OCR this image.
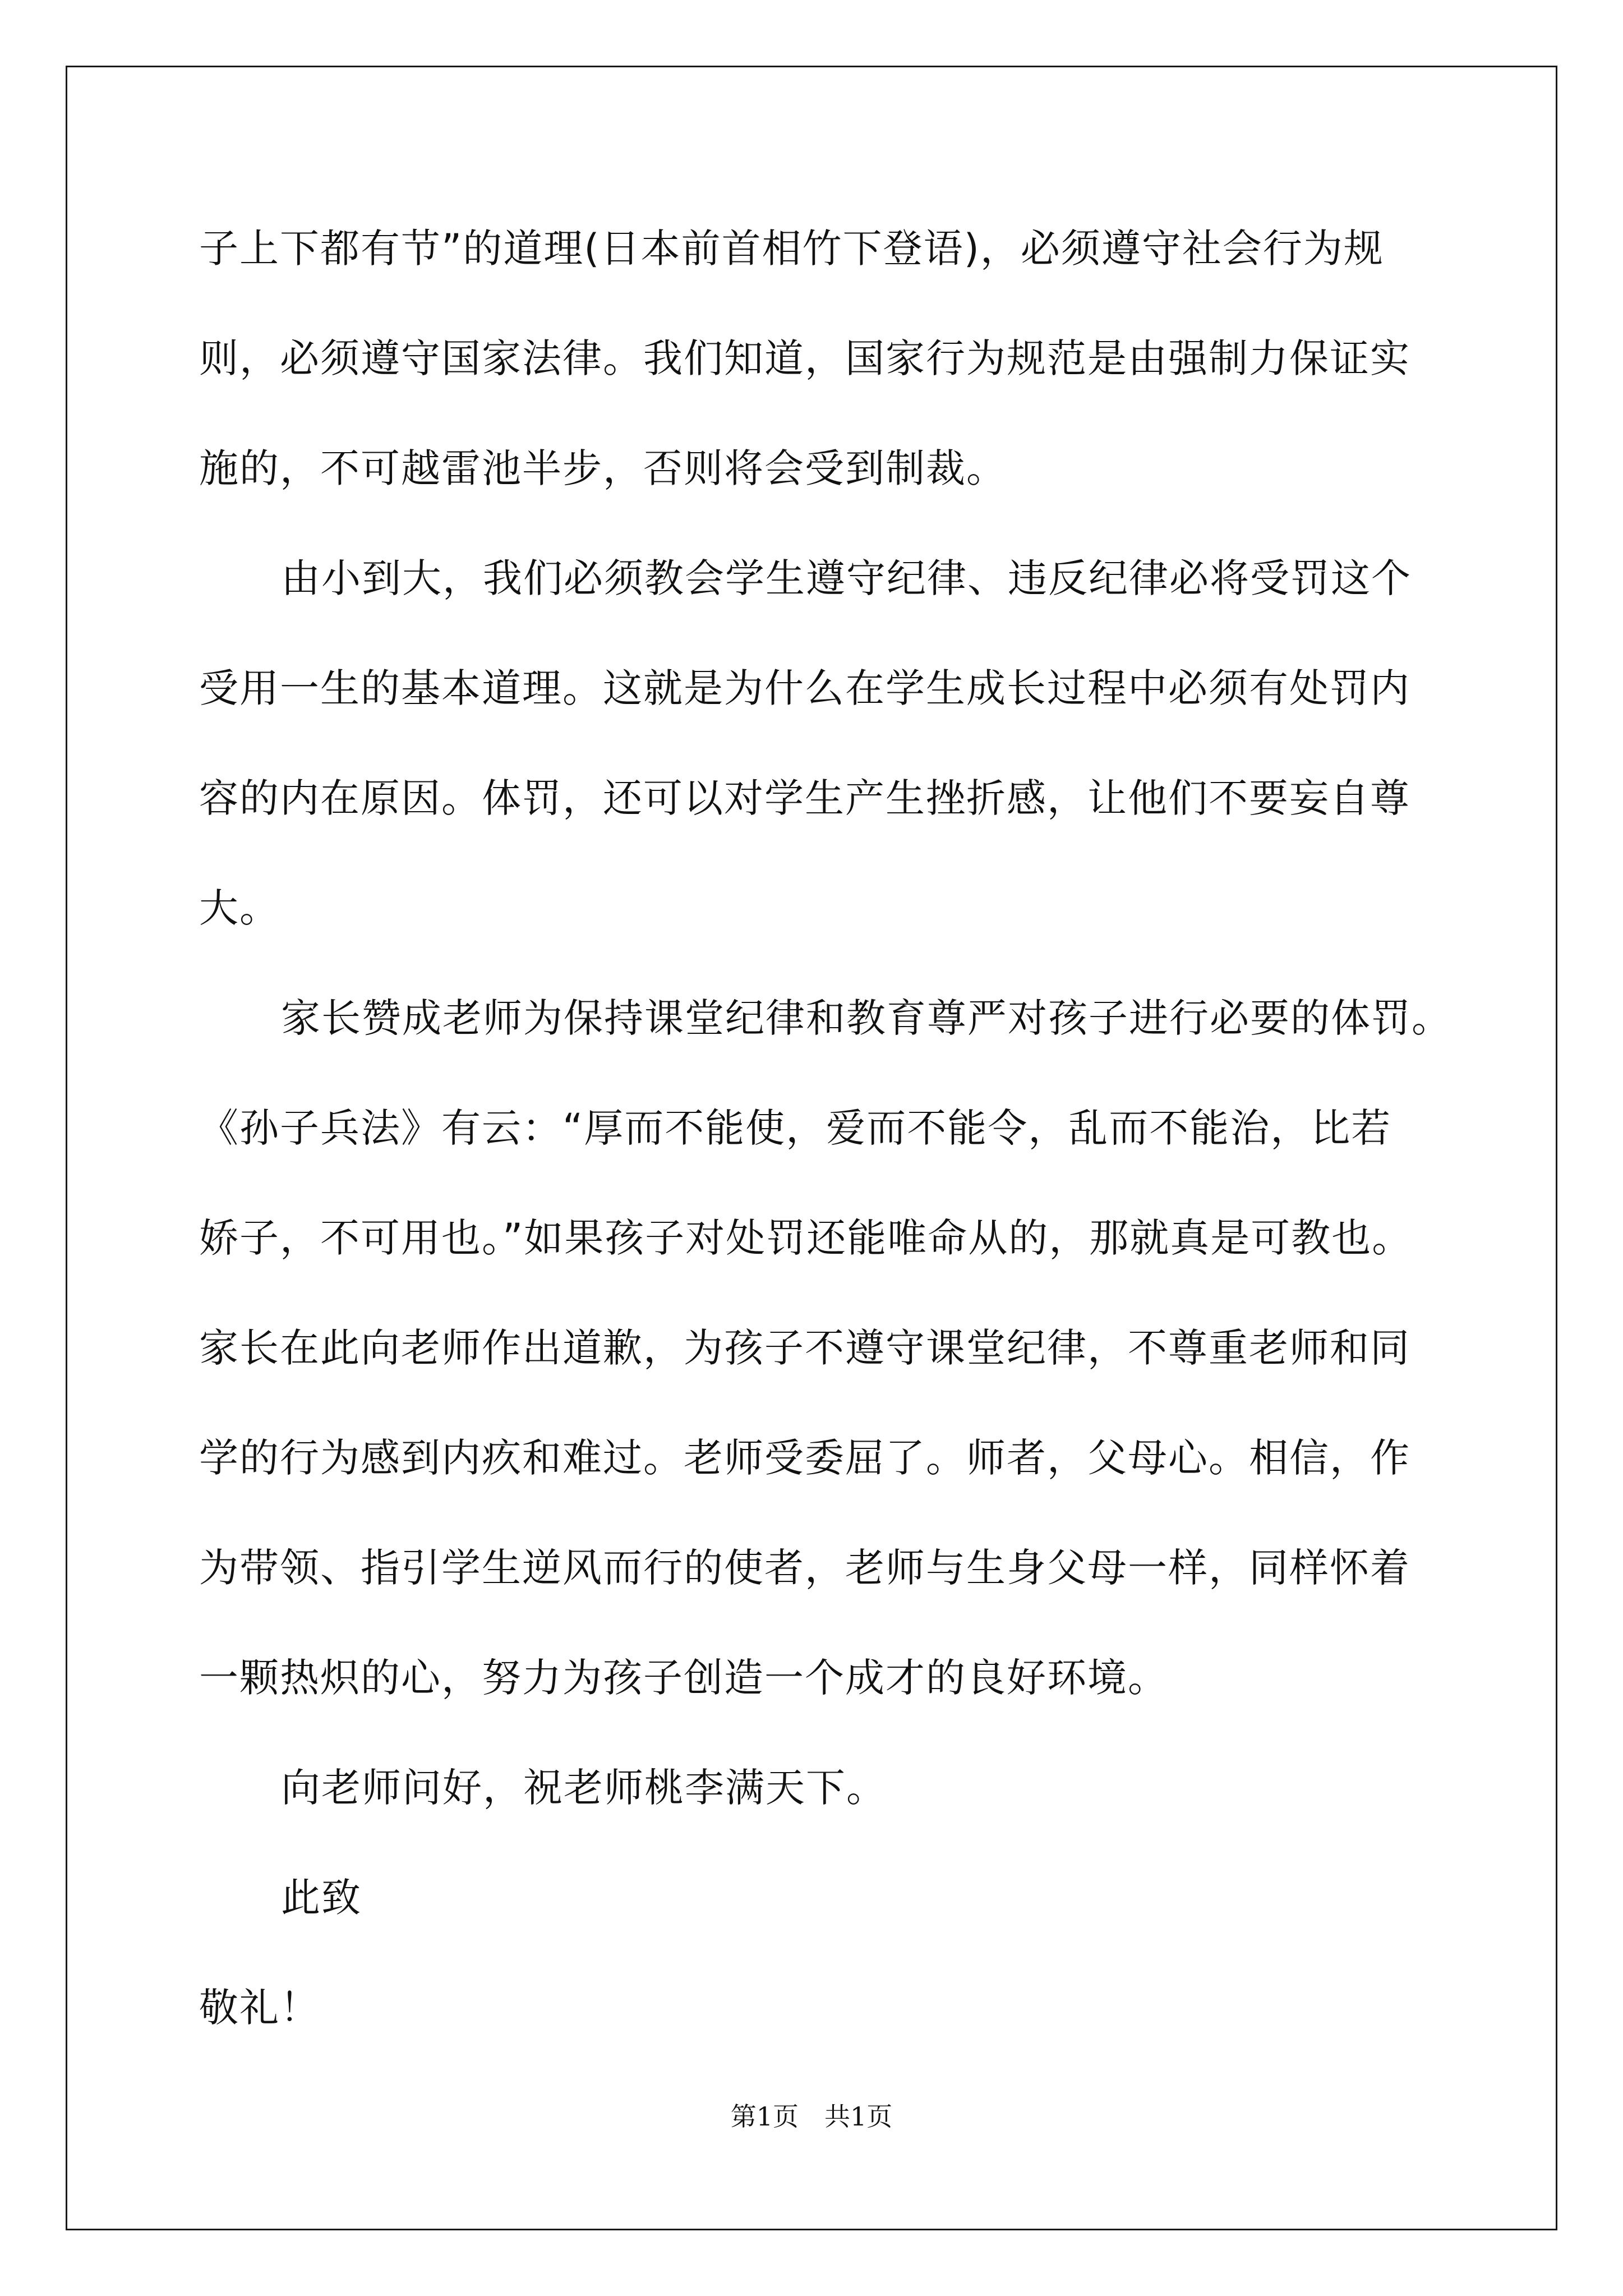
子上下都有节”的道理(日本前首相竹下登语)，必须遵守社会行为规
则，必须遵守国家法律。我们知道，国家行为规范是由强制力保证实
施的，不可越雷池半步，否则将会受到制裁。
由小到大，我们必须教会学生遵守纪律、违反纪律必将受罚这个
受用一生的基本道理。这就是为什么在学生成长过程中必须有处罚内
容的内在原因。体罚，还可以对学生产生挫折感，让他们不要妄自尊
大。
家长赞成老师为保持课堂纪律和教育尊严对孩子进行必要的体罚。
《孙子兵法》有云：“厚而不能使，爱而不能令，乱而不能治，比若
娇子，不可用也。”如果孩子对处罚还能唯命从的，那就真是可教也。
家长在此向老师作出道歉，为孩子不遵守课堂纪律，不尊重老师和同
学的行为感到内疚和难过。老师受委屈了。师者，父母心。相信，作
为带领、指引学生逆风而行的使者，老师与生身父母一样，同样怀着
一颗热炽的心，努力为孩子创造一个成才的良好环境。
向老师问好，祝老师桃李满天下。
此致
敬礼！
第1页　共1页
